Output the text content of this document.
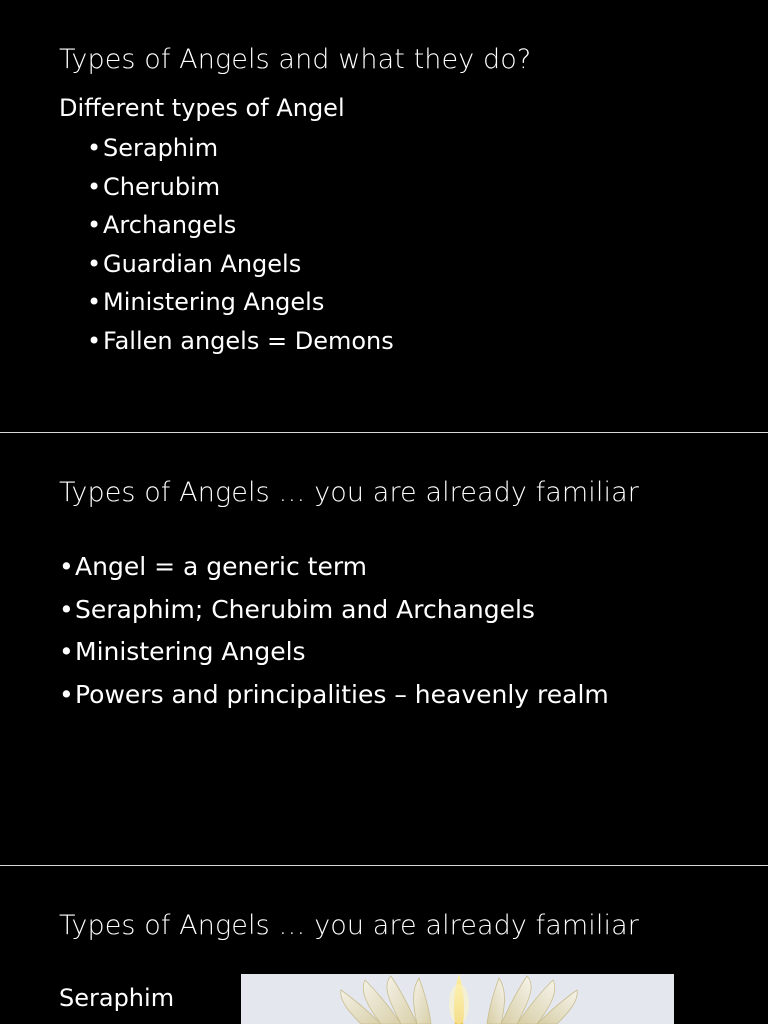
Types of Angels and what they do?

Different types of Angel

• Seraphim
• Cherubim
• Archangels
• Guardian Angels
• Ministering Angels
• Fallen angels = Demons
Types of Angels … you are already familiar
• Angel = a generic term
• Seraphim; Cherubim and Archangels
• Ministering Angels
• Powers and principalities – heavenly realm
Types of Angels … you are already familiar
Seraphim
